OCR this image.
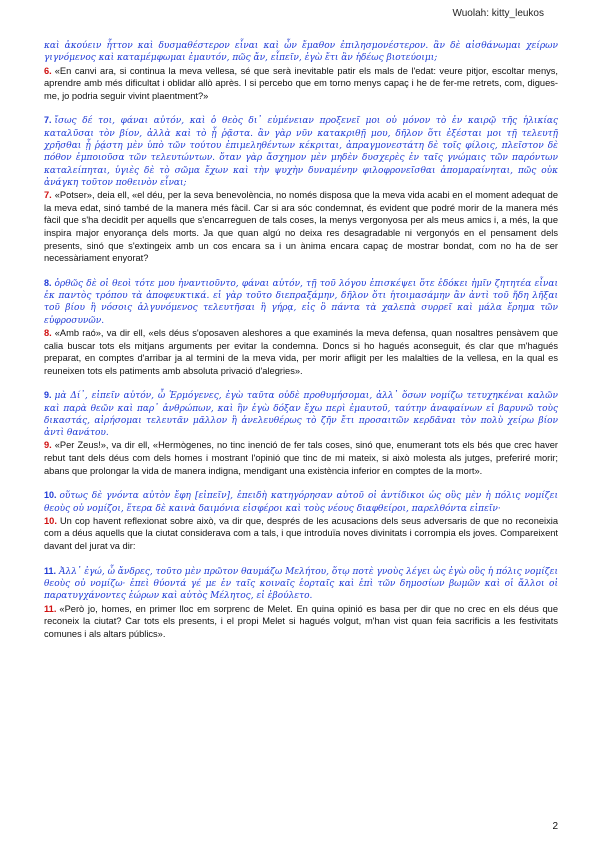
Wuolah: kitty_leukos

καὶ ἀκούειν ἧττον καὶ δυσμαθέστερον εἶναι καὶ ὧν ἔμαθον ἐπιλησμονέστερον. ἂν δὲ αἰσθάνωμαι χείρων γιγνόμενος καὶ καταμέμφωμαι ἐμαυτόν, πῶς ἄν, εἶπεῖν, ἐγὼ ἔτι ἂν ἡδέως βιοτεύοιμι;

6. «En canvi ara, si continua la meva vellesa, sé que serà inevitable patir els mals de l'edat: veure pitjor, escoltar menys, aprendre amb més dificultat i oblidar allò après. I si percebo que em torno menys capaç i he de fer-me retrets, com, digues-me, jo podria seguir vivint plaentment?»

7. ἴσως δέ τοι, φάναι αὐτόν, καὶ ὁ θεὸς δι᾽ εὐμένειαν προξενεῖ μοι οὐ μόνον τὸ ἐν καιρῷ τῆς ἡλικίας καταλῦσαι τὸν βίον, ἀλλὰ καὶ τὸ ᾗ ῥᾷστα. ἂν γὰρ νῦν κατακριθῇ μου, δῆλον ὅτι ἐξέσται μοι τῇ τελευτῇ χρῆσθαι ᾗ ῥᾴστη μὲν ὑπὸ τῶν τούτου ἐπιμεληθέντων κέκριται, ἀπραγμονεστάτη δὲ τοῖς φίλοις, πλεῖστον δὲ πόθον ἐμποιοῦσα τῶν τελευτώντων. ὅταν γὰρ ἄσχημον μὲν μηδὲν δυσχερὲς ἐν ταῖς γνώμαις τῶν παρόντων καταλείπηται, ὑγιὲς δὲ τὸ σῶμα ἔχων καὶ τὴν ψυχὴν δυναμένην φιλοφρονεῖσθαι ἀπομαραίνηται, πῶς οὐκ ἀνάγκη τοῦτον ποθεινὸν εἶναι;

7. «Potser», deia ell, «el déu, per la seva benevolència, no només disposa que la meva vida acabi en el moment adequat de la meva edat, sinó també de la manera més fàcil. Car si ara sóc condemnat, és evident que podré morir de la manera més fàcil que s'ha decidit per aquells que s'encarreguen de tals coses, la menys vergonyosa per als meus amics i, a més, la que inspira major enyorança dels morts. Ja que quan algú no deixa res desagradable ni vergonyós en el pensament dels presents, sinó que s'extingeix amb un cos encara sa i un ànima encara capaç de mostrar bondat, com no ha de ser necessàriament enyorat?

8. ὀρθῶς δὲ οἱ θεοὶ τότε μου ἠναντιοῦντο, φάναι αὐτόν, τῇ τοῦ λόγου ἐπισκέψει ὅτε ἐδόκει ἡμῖν ζητητέα εἶναι ἐκ παντὸς τρόπου τὰ ἀποφευκτικά. εἰ γὰρ τοῦτο διεπραξάμην, δῆλον ὅτι ἡτοιμασάμην ἂν ἀντὶ τοῦ ἤδη λῆξαι τοῦ βίου ἢ νόσοις ἀλγυνόμενος τελευτῆσαι ἢ γήρᾳ, εἰς ὃ πάντα τὰ χαλεπὰ συρρεῖ καὶ μάλα ἔρημα τῶν εὐφροσυνῶν.

8. «Amb raó», va dir ell, «els déus s'oposaven aleshores a que examinés la meva defensa, quan nosaltres pensàvem que calia buscar tots els mitjans arguments per evitar la condemna. Doncs si ho hagués aconseguit, és clar que m'hagués preparat, en comptes d'arribar ja al termini de la meva vida, per morir afligit per les malalties de la vellesa, en la qual es reuneixen tots els patiments amb absoluta privació d'alegries».

9. μὰ Δί᾽, εἰπεῖν αὐτόν, ὦ Ἑρμόγενες, ἐγὼ ταῦτα οὐδὲ προθυμήσομαι, ἀλλ᾽ ὅσων νομίζω τετυχηκέναι καλῶν καὶ παρὰ θεῶν καὶ παρ᾽ ἀνθρώπων, καὶ ἣν ἐγὼ δόξαν ἔχω περὶ ἐμαυτοῦ, ταύτην ἀναφαίνων εἰ βαρυνῶ τοὺς δικαστάς, αἱρήσομαι τελευτᾶν μᾶλλον ἢ ἀνελευθέρως τὸ ζῆν ἔτι προσαιτῶν κερδᾶναι τὸν πολὺ χείρω βίον ἀντὶ θανάτου.

9. «Per Zeus!», va dir ell, «Hermògenes, no tinc inenció de fer tals coses, sinó que, enumerant tots els bés que crec haver rebut tant dels déus com dels homes i mostrant l'opinió que tinc de mi mateix, si això molesta als jutges, preferiré morir; abans que prolongar la vida de manera indigna, mendigant una existència inferior en comptes de la mort».

10. οὕτως δὲ γνόντα αὐτὸν ἔφη [εἰπεῖν], ἐπειδὴ κατηγόρησαν αὐτοῦ οἱ ἀντίδικοι ὡς οὓς μὲν ἡ πόλις νομίζει θεοὺς οὐ νομίζοι, ἕτερα δὲ καινὰ δαιμόνια εἰσφέροι καὶ τοὺς νέους διαφθείροι, παρελθόντα εἰπεῖν·

10. Un cop havent reflexionat sobre això, va dir que, després de les acusacions dels seus adversaris de que no reconeixia com a déus aquells que la ciutat considerava com a tals, i que introduïa noves divinitats i corrompia els joves. Compareixent davant del jurat va dir:

11. Ἀλλ᾽ ἐγώ, ὦ ἄνδρες, τοῦτο μὲν πρῶτον θαυμάζω Μελήτου, ὅτῳ ποτὲ γνοὺς λέγει ὡς ἐγὼ οὓς ἡ πόλις νομίζει θεοὺς οὐ νομίζω· ἐπεὶ θύοντά γέ με ἐν ταῖς κοιναῖς ἑορταῖς καὶ ἐπὶ τῶν δημοσίων βωμῶν καὶ οἱ ἄλλοι οἱ παρατυγχάνοντες ἑώρων καὶ αὐτὸς Μέλητος, εἰ ἐβούλετο.

11. «Però jo, homes, en primer lloc em sorprenc de Melet. En quina opinió es basa per dir que no crec en els déus que reconeix la ciutat? Car tots els presents, i el propi Melet si hagués volgut, m'han vist quan feia sacrificis a les festivitats comunes i als altars públics».

2
